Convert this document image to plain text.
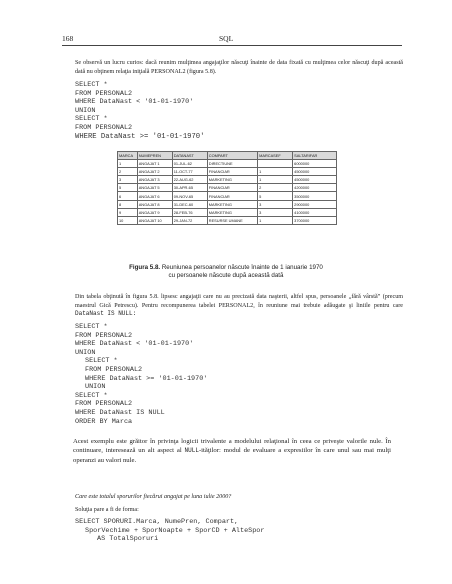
168	SQL
Se observă un lucru curios: dacă reunim mulţimea angajaţilor născuţi înainte de data fixată cu mulţimea celor născuţi după această dată nu obţinem relaţia iniţială PERSONAL2 (figura 5.8).
SELECT *
FROM PERSONAL2
WHERE DataNast < '01-01-1970'
UNION
SELECT *
FROM PERSONAL2
WHERE DataNast >= '01-01-1970'
MARCA	NUMEPREN	DATANAST	COMPART	MARCASEF	SALTARIFAR
1	ANGAJAT 1	01-JUL-62	DIRECTIUNE		6000000
2	ANGAJAT 2	11-OCT-77	FINANCIAR	1	4500000
3	ANGAJAT 3	22-AUG-62	MARKETING	1	4500000
5	ANGAJAT 5	30-APR-65	FINANCIAR	2	4200000
6	ANGAJAT 6	09-NOV-65	FINANCIAR	5	3500000
8	ANGAJAT 8	31-DEC-60	MARKETING	3	2900000
9	ANGAJAT 9	28-FEB-76	MARKETING	3	4100000
10	ANGAJAT 10	29-JAN-72	RESURSE UMANE	1	3700000
Figura 5.8. Reuniunea persoanelor născute înainte de 1 ianuarie 1970
cu persoanele născute după această dată
Din tabela obţinută în figura 5.8. lipsesc angajaţii care nu au precizată data naşterii, altfel spus, persoanele „fără vârstă” (precum maestrul Gică Petrescu). Pentru recompunerea tabelei PERSONAL2, în reuniune mai trebuie adăugate şi liniile pentru care DataNast IS NULL:
SELECT *
FROM PERSONAL2
WHERE DataNast < '01-01-1970'
UNION
SELECT *
FROM PERSONAL2
WHERE DataNast >= '01-01-1970'
UNION
SELECT *
FROM PERSONAL2
WHERE DataNast IS NULL
ORDER BY Marca
Acest exemplu este grăitor în privinţa logicii trivalente a modelului relaţional în ceea ce priveşte valorile nule. În continuare, interesează un alt aspect al NULL-ităţilor: modul de evaluare a expresiilor în care unul sau mai mulţi operanzi au valori nule.
Care este totalul sporurilor fiecărui angajat pe luna iulie 2000?
Soluţia pare a fi de forma:
SELECT SPORURI.Marca, NumePren, Compart,
SporVechime + SporNoapte + SporCD + AlteSpor
AS TotalSporuri
